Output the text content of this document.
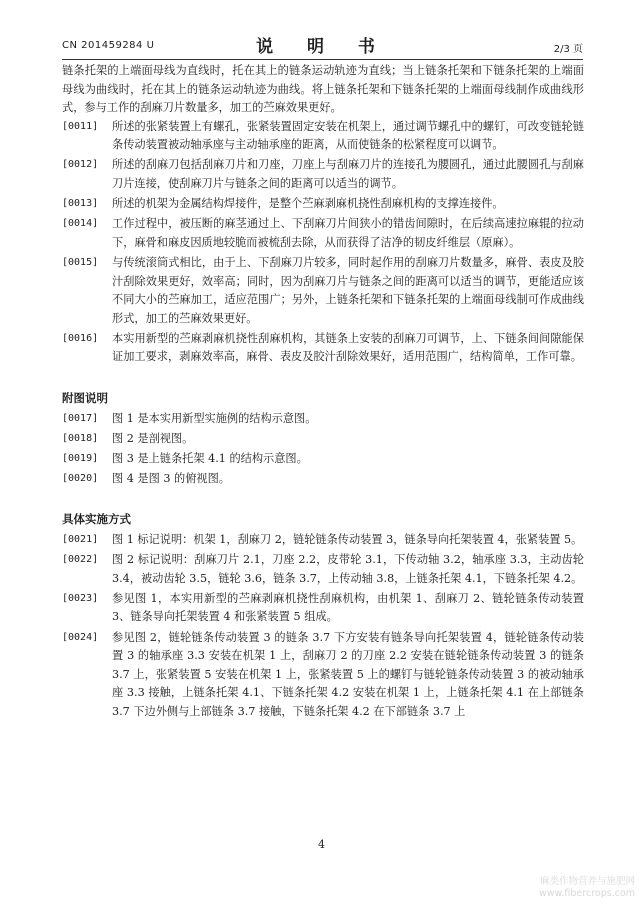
CN 201459284 U	说 明 书	2/3 页

链条托架的上端面母线为直线时，托在其上的链条运动轨迹为直线；当上链条托架和下链条托架的上端面母线为曲线时，托在其上的链条运动轨迹为曲线。将上链条托架和下链条托架的上端面母线制作成曲线形式，参与工作的刮麻刀片数量多，加工的苎麻效果更好。

[0011]	所述的张紧装置上有螺孔，张紧装置固定安装在机架上，通过调节螺孔中的螺钉，可改变链轮链条传动装置被动轴承座与主动轴承座的距离，从而使链条的松紧程度可以调节。
[0012]	所述的刮麻刀包括刮麻刀片和刀座，刀座上与刮麻刀片的连接孔为腰圆孔，通过此腰圆孔与刮麻刀片连接，使刮麻刀片与链条之间的距离可以适当的调节。
[0013]	所述的机架为金属结构焊接件，是整个苎麻剥麻机挠性刮麻机构的支撑连接件。
[0014]	工作过程中，被压断的麻茎通过上、下刮麻刀片间狭小的错齿间隙时，在后续高速拉麻辊的拉动下，麻骨和麻皮因质地较脆而被梳刮去除，从而获得了洁净的韧皮纤维层（原麻）。
[0015]	与传统滚筒式相比，由于上、下刮麻刀片较多，同时起作用的刮麻刀片数量多，麻骨、表皮及胶汁刮除效果更好，效率高；同时，因为刮麻刀片与链条之间的距离可以适当的调节，更能适应该不同大小的苎麻加工，适应范围广；另外，上链条托架和下链条托架的上端面母线制可作成曲线形式，加工的苎麻效果更好。
[0016]	本实用新型的苎麻剥麻机挠性刮麻机构，其链条上安装的刮麻刀可调节，上、下链条间间隙能保证加工要求，剥麻效率高，麻骨、表皮及胶汁刮除效果好，适用范围广，结构简单，工作可靠。
附图说明
[0017]	图 1 是本实用新型实施例的结构示意图。
[0018]	图 2 是剖视图。
[0019]	图 3 是上链条托架 4.1 的结构示意图。
[0020]	图 4 是图 3 的俯视图。
具体实施方式
[0021]	图 1 标记说明：机架 1，刮麻刀 2，链轮链条传动装置 3，链条导向托架装置 4，张紧装置 5。
[0022]	图 2 标记说明：刮麻刀片 2.1，刀座 2.2，皮带轮 3.1，下传动轴 3.2，轴承座 3.3，主动齿轮 3.4，被动齿轮 3.5，链轮 3.6，链条 3.7，上传动轴 3.8，上链条托架 4.1，下链条托架 4.2。
[0023]	参见图 1，本实用新型的苎麻剥麻机挠性刮麻机构，由机架 1、刮麻刀 2、链轮链条传动装置 3、链条导向托架装置 4 和张紧装置 5 组成。
[0024]	参见图 2，链轮链条传动装置 3 的链条 3.7 下方安装有链条导向托架装置 4，链轮链条传动装置 3 的轴承座 3.3 安装在机架 1 上，刮麻刀 2 的刀座 2.2 安装在链轮链条传动装置 3 的链条 3.7 上，张紧装置 5 安装在机架 1 上，张紧装置 5 上的螺钉与链轮链条传动装置 3 的被动轴承座 3.3 接触，上链条托架 4.1、下链条托架 4.2 安装在机架 1 上，上链条托架 4.1 在上部链条 3.7 下边外侧与上部链条 3.7 接触，下链条托架 4.2 在下部链条 3.7 上
4
麻类作物营养与施肥网
www.fibercrops.com
